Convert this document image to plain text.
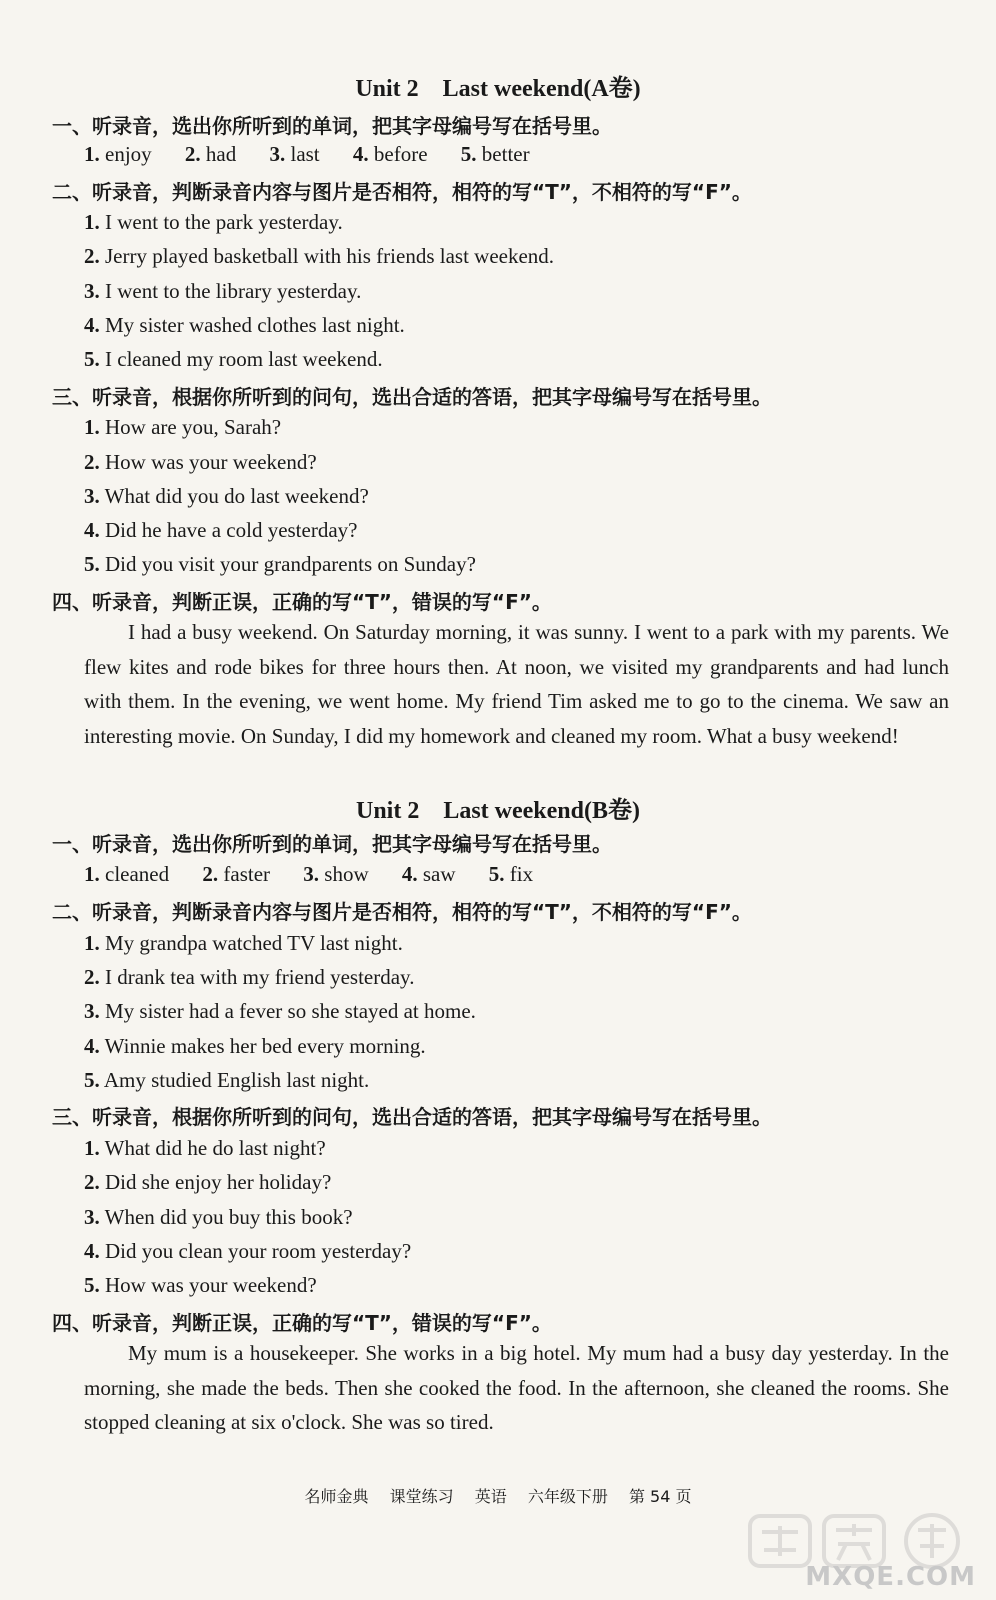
Unit 2　Last weekend(A卷)
一、听录音，选出你所听到的单词，把其字母编号写在括号里。
1. enjoy 2. had 3. last 4. before 5. better
二、听录音，判断录音内容与图片是否相符，相符的写“T”，不相符的写“F”。
1. I went to the park yesterday.
2. Jerry played basketball with his friends last weekend.
3. I went to the library yesterday.
4. My sister washed clothes last night.
5. I cleaned my room last weekend.
三、听录音，根据你所听到的问句，选出合适的答语，把其字母编号写在括号里。
1. How are you, Sarah?
2. How was your weekend?
3. What did you do last weekend?
4. Did he have a cold yesterday?
5. Did you visit your grandparents on Sunday?
四、听录音，判断正误，正确的写“T”，错误的写“F”。
I had a busy weekend. On Saturday morning, it was sunny. I went to a park with my parents. We flew kites and rode bikes for three hours then. At noon, we visited my grandparents and had lunch with them. In the evening, we went home. My friend Tim asked me to go to the cinema. We saw an interesting movie. On Sunday, I did my homework and cleaned my room. What a busy weekend!
Unit 2　Last weekend(B卷)
一、听录音，选出你所听到的单词，把其字母编号写在括号里。
1. cleaned 2. faster 3. show 4. saw 5. fix
二、听录音，判断录音内容与图片是否相符，相符的写“T”，不相符的写“F”。
1. My grandpa watched TV last night.
2. I drank tea with my friend yesterday.
3. My sister had a fever so she stayed at home.
4. Winnie makes her bed every morning.
5. Amy studied English last night.
三、听录音，根据你所听到的问句，选出合适的答语，把其字母编号写在括号里。
1. What did he do last night?
2. Did she enjoy her holiday?
3. When did you buy this book?
4. Did you clean your room yesterday?
5. How was your weekend?
四、听录音，判断正误，正确的写“T”，错误的写“F”。
My mum is a housekeeper. She works in a big hotel. My mum had a busy day yesterday. In the morning, she made the beds. Then she cooked the food. In the afternoon, she cleaned the rooms. She stopped cleaning at six o'clock. She was so tired.
名师金典 课堂练习 英语 六年级下册 第 54 页
MXQE.COM
